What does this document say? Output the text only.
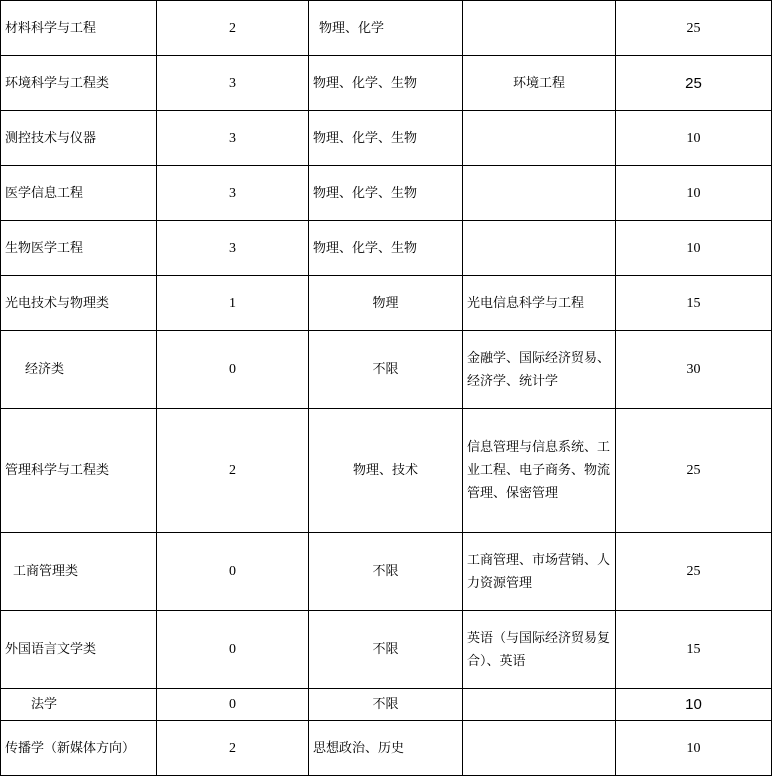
材料科学与工程	2	物理、化学		25
环境科学与工程类	3	物理、化学、生物	环境工程	25
测控技术与仪器	3	物理、化学、生物		10
医学信息工程	3	物理、化学、生物		10
生物医学工程	3	物理、化学、生物		10
光电技术与物理类	1	物理	光电信息科学与工程	15
经济类	0	不限	金融学、国际经济贸易、经济学、统计学	30
管理科学与工程类	2	物理、技术	信息管理与信息系统、工业工程、电子商务、物流管理、保密管理	25
工商管理类	0	不限	工商管理、市场营销、人力资源管理	25
外国语言文学类	0	不限	英语（与国际经济贸易复合）、英语	15
法学	0	不限		10
传播学（新媒体方向）	2	思想政治、历史		10
